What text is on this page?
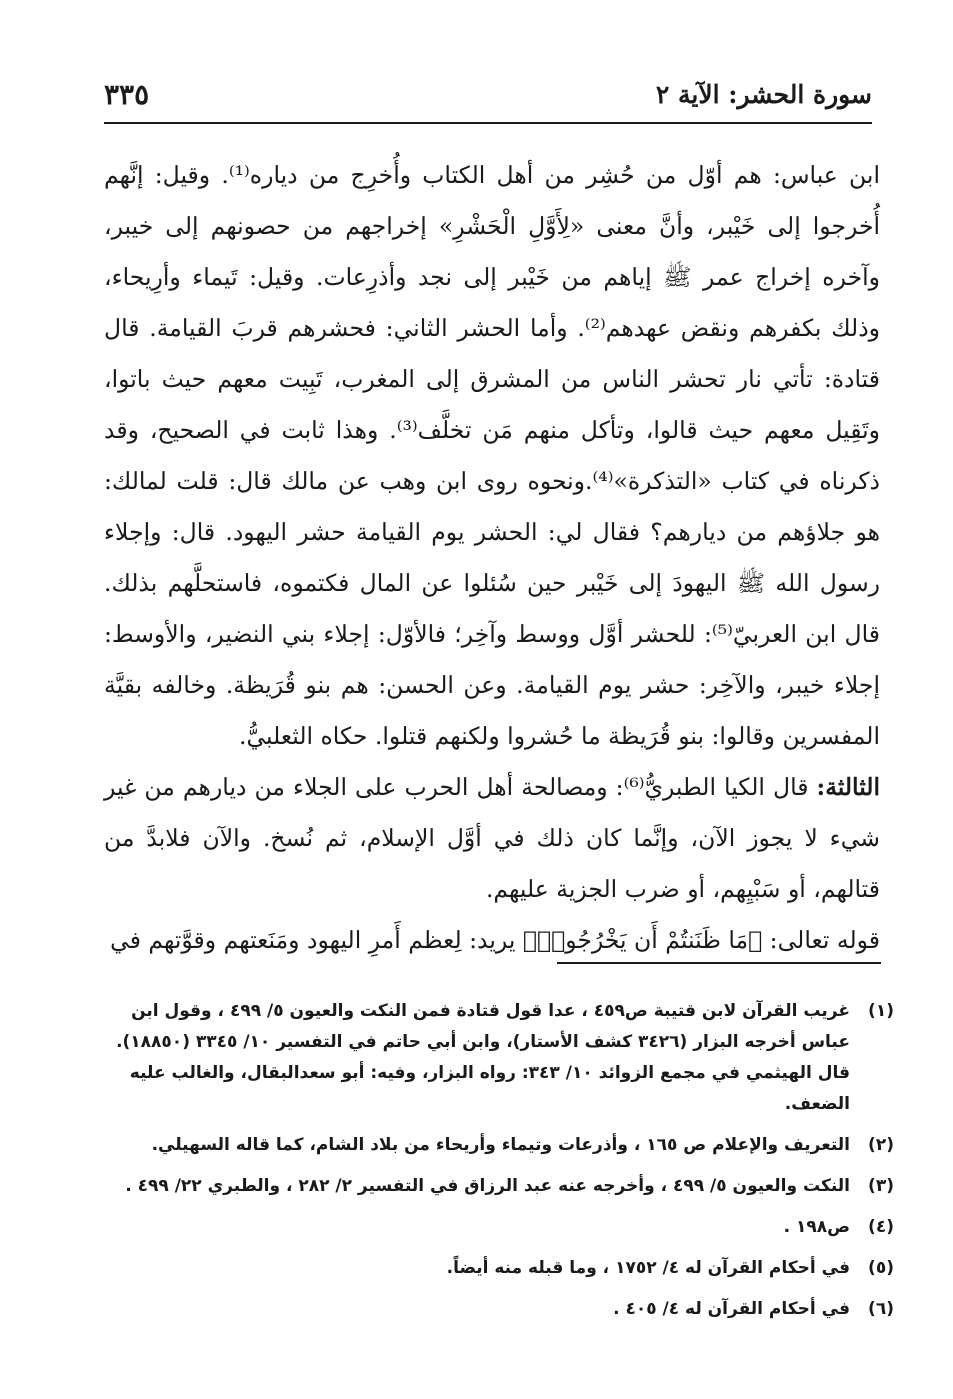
سورة الحشر: الآية ٢
٣٣٥

ابن عباس: هم أوّل من حُشِر من أهل الكتاب وأُخرِج من دياره⁽¹⁾. وقيل: إنَّهم أُخرجوا إلى خَيْبر، وأنَّ معنى «لِأَوَّلِ الْحَشْرِ» إخراجهم من حصونهم إلى خيبر، وآخره إخراج عمر ﷺ إياهم من خَيْبر إلى نجد وأذرِعات. وقيل: تَيماء وأرِيحاء، وذلك بكفرهم ونقض عهدهم⁽²⁾. وأما الحشر الثاني: فحشرهم قربَ القيامة. قال قتادة: تأتي نار تحشر الناس من المشرق إلى المغرب، تَبِيت معهم حيث باتوا، وتَقِيل معهم حيث قالوا، وتأكل منهم مَن تخلَّف⁽³⁾. وهذا ثابت في الصحيح، وقد ذكرناه في كتاب «التذكرة»⁽⁴⁾.ونحوه روى ابن وهب عن مالك قال: قلت لمالك: هو جلاؤهم من ديارهم؟ فقال لي: الحشر يوم القيامة حشر اليهود. قال: وإجلاء رسول الله ﷺ اليهودَ إلى خَيْبر حين سُئلوا عن المال فكتموه، فاستحلَّهم بذلك. قال ابن العربيّ⁽⁵⁾: للحشر أوَّل ووسط وآخِر؛ فالأوّل: إجلاء بني النضير، والأوسط: إجلاء خيبر، والآخِر: حشر يوم القيامة. وعن الحسن: هم بنو قُرَيظة. وخالفه بقيَّة المفسرين وقالوا: بنو قُرَيظة ما حُشروا ولكنهم قتلوا. حكاه الثعلبيُّ.

الثالثة: قال الكيا الطبريُّ⁽⁶⁾: ومصالحة أهل الحرب على الجلاء من ديارهم من غير شيء لا يجوز الآن، وإنَّما كان ذلك في أوَّل الإسلام، ثم نُسخ. والآن فلابدَّ من قتالهم، أو سَبْيِهم، أو ضرب الجزية عليهم.

قوله تعالى: ﴿مَا ظَنَنتُمْ أَن يَخْرُجُوا۟﴾ يريد: لِعظم أَمرِ اليهود ومَنَعتهم وقوَّتهم في

(١)غريب القرآن لابن قتيبة ص٤٥٩ ، عدا قول قتادة فمن النكت والعيون ٥/ ٤٩٩ ، وقول ابن عباس أخرجه البزار (٣٤٢٦ كشف الأستار)، وابن أبي حاتم في التفسير ١٠/ ٣٣٤٥ (١٨٨٥٠). قال الهيثمي في مجمع الزوائد ١٠/ ٣٤٣: رواه البزار، وفيه: أبو سعدالبقال، والغالب عليه الضعف.

(٢)التعريف والإعلام ص ١٦٥ ، وأذرعات وتيماء وأريحاء من بلاد الشام، كما قاله السهيلي.

(٣)النكت والعيون ٥/ ٤٩٩ ، وأخرجه عنه عبد الرزاق في التفسير ٢/ ٢٨٢ ، والطبري ٢٢/ ٤٩٩ .

(٤)ص١٩٨ .

(٥)في أحكام القرآن له ٤/ ١٧٥٢ ، وما قبله منه أيضاً.

(٦)في أحكام القرآن له ٤/ ٤٠٥ .
